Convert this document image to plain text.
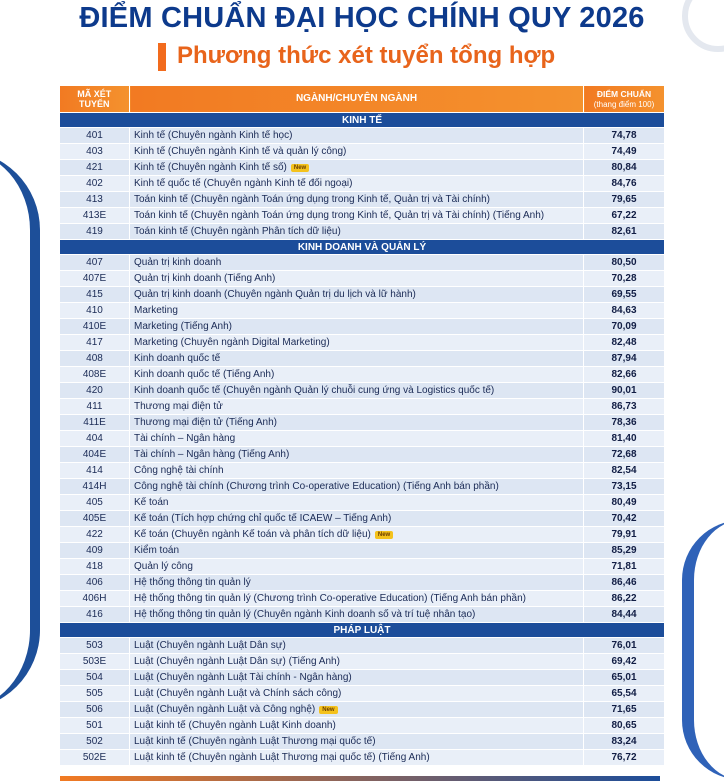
ĐIỂM CHUẨN ĐẠI HỌC CHÍNH QUY 2026
Phương thức xét tuyển tổng hợp
MÃ XÉT TUYỂN	NGÀNH/CHUYÊN NGÀNH	ĐIỂM CHUẨN
(thang điểm 100)
KINH TẾ		
401	Kinh tế (Chuyên ngành Kinh tế học)	74,78
403	Kinh tế (Chuyên ngành Kinh tế và quản lý công)	74,49
421	Kinh tế (Chuyên ngành Kinh tế số) New	80,84
402	Kinh tế quốc tế (Chuyên ngành Kinh tế đối ngoại)	84,76
413	Toán kinh tế (Chuyên ngành Toán ứng dụng trong Kinh tế, Quản trị và Tài chính)	79,65
413E	Toán kinh tế (Chuyên ngành Toán ứng dụng trong Kinh tế, Quản trị và Tài chính) (Tiếng Anh)	67,22
419	Toán kinh tế (Chuyên ngành Phân tích dữ liệu)	82,61
KINH DOANH VÀ QUẢN LÝ		
407	Quản trị kinh doanh	80,50
407E	Quản trị kinh doanh (Tiếng Anh)	70,28
415	Quản trị kinh doanh (Chuyên ngành Quản trị du lịch và lữ hành)	69,55
410	Marketing	84,63
410E	Marketing (Tiếng Anh)	70,09
417	Marketing (Chuyên ngành Digital Marketing)	82,48
408	Kinh doanh quốc tế	87,94
408E	Kinh doanh quốc tế (Tiếng Anh)	82,66
420	Kinh doanh quốc tế (Chuyên ngành Quản lý chuỗi cung ứng và Logistics quốc tế)	90,01
411	Thương mại điện tử	86,73
411E	Thương mại điện tử (Tiếng Anh)	78,36
404	Tài chính – Ngân hàng	81,40
404E	Tài chính – Ngân hàng (Tiếng Anh)	72,68
414	Công nghệ tài chính	82,54
414H	Công nghệ tài chính (Chương trình Co-operative Education) (Tiếng Anh bán phần)	73,15
405	Kế toán	80,49
405E	Kế toán (Tích hợp chứng chỉ quốc tế ICAEW – Tiếng Anh)	70,42
422	Kế toán (Chuyên ngành Kế toán và phân tích dữ liệu) New	79,91
409	Kiểm toán	85,29
418	Quản lý công	71,81
406	Hệ thống thông tin quản lý	86,46
406H	Hệ thống thông tin quản lý (Chương trình Co-operative Education) (Tiếng Anh bán phần)	86,22
416	Hệ thống thông tin quản lý (Chuyên ngành Kinh doanh số và trí tuệ nhân tạo)	84,44
PHÁP LUẬT		
503	Luật (Chuyên ngành Luật Dân sự)	76,01
503E	Luật (Chuyên ngành Luật Dân sự) (Tiếng Anh)	69,42
504	Luật (Chuyên ngành Luật Tài chính - Ngân hàng)	65,01
505	Luật (Chuyên ngành Luật và Chính sách công)	65,54
506	Luật (Chuyên ngành Luật và Công nghệ) New	71,65
501	Luật kinh tế (Chuyên ngành Luật Kinh doanh)	80,65
502	Luật kinh tế (Chuyên ngành Luật Thương mại quốc tế)	83,24
502E	Luật kinh tế (Chuyên ngành Luật Thương mại quốc tế) (Tiếng Anh)	76,72
